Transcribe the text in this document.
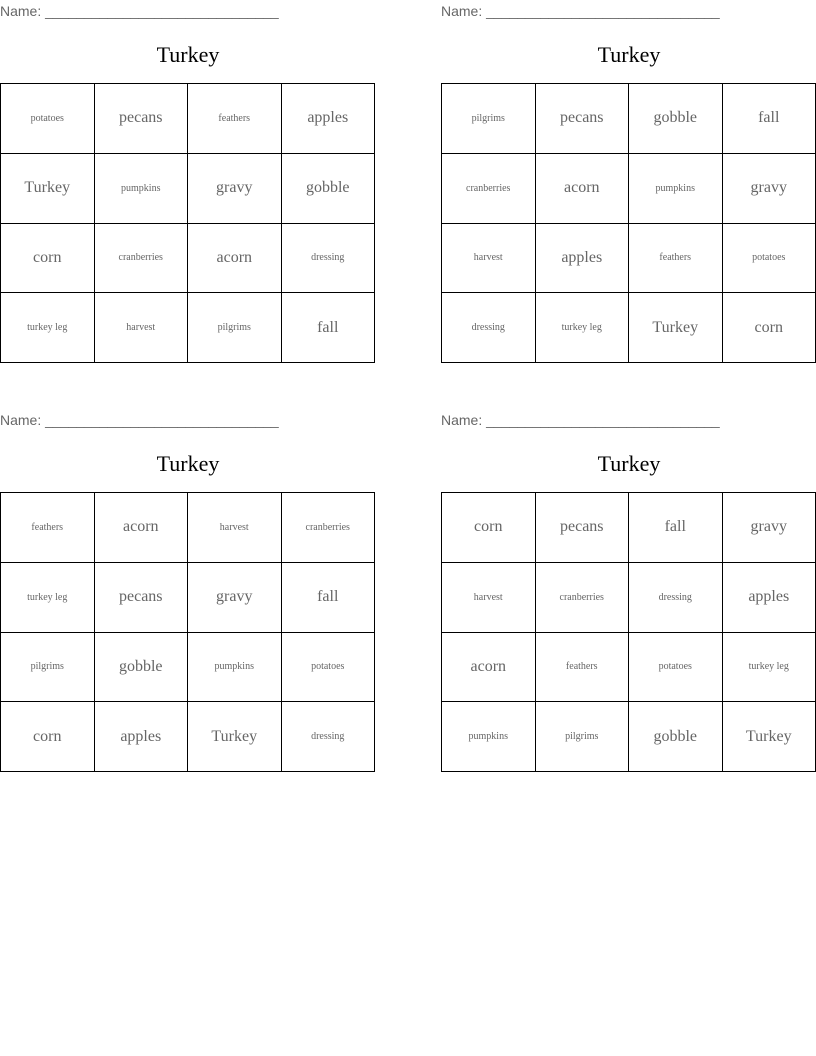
Name: ______________________________
Turkey
potatoes	pecans	feathers	apples
Turkey	pumpkins	gravy	gobble
corn	cranberries	acorn	dressing
turkey leg	harvest	pilgrims	fall
Name: ______________________________
Turkey
pilgrims	pecans	gobble	fall
cranberries	acorn	pumpkins	gravy
harvest	apples	feathers	potatoes
dressing	turkey leg	Turkey	corn
Name: ______________________________
Turkey
feathers	acorn	harvest	cranberries
turkey leg	pecans	gravy	fall
pilgrims	gobble	pumpkins	potatoes
corn	apples	Turkey	dressing
Name: ______________________________
Turkey
corn	pecans	fall	gravy
harvest	cranberries	dressing	apples
acorn	feathers	potatoes	turkey leg
pumpkins	pilgrims	gobble	Turkey
